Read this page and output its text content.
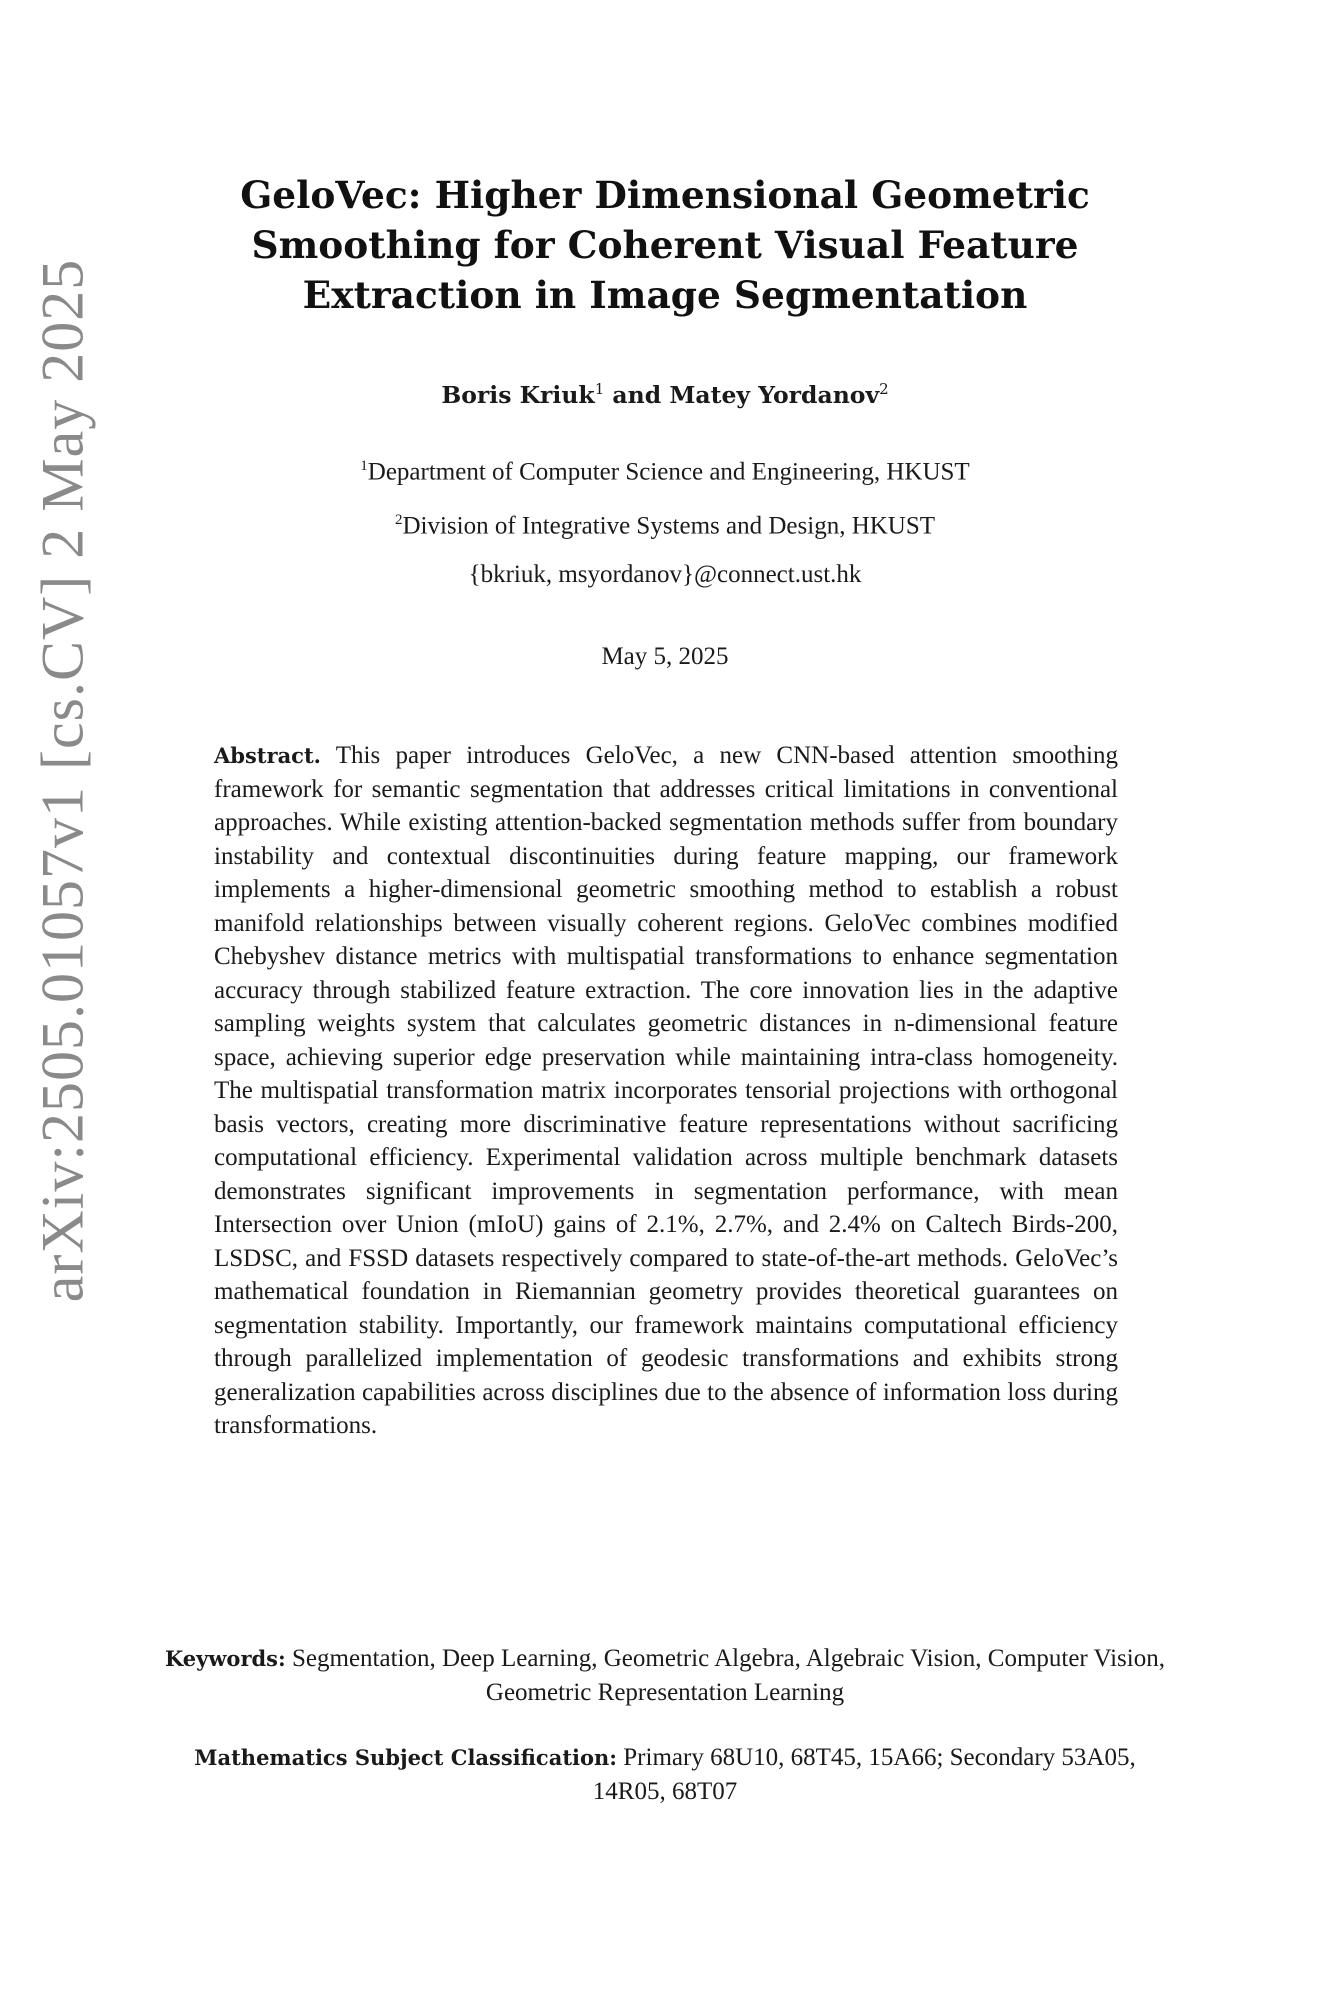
arXiv:2505.01057v1 [cs.CV] 2 May 2025
GeloVec: Higher Dimensional Geometric Smoothing for Coherent Visual Feature Extraction in Image Segmentation
Boris Kriuk$^1$ and Matey Yordanov$^2$
$^1$Department of Computer Science and Engineering, HKUST
$^2$Division of Integrative Systems and Design, HKUST
{bkriuk, msyordanov}@connect.ust.hk
May 5, 2025
Abstract. This paper introduces GeloVec, a new CNN-based attention smoothing framework for semantic segmentation that addresses critical limitations in conventional approaches. While existing attention-backed segmentation methods suffer from boundary instability and contextual discontinuities during feature mapping, our framework implements a higher-dimensional geometric smoothing method to establish a robust manifold relationships between visually coherent regions. GeloVec combines modified Chebyshev distance metrics with multispatial transformations to enhance segmentation accuracy through stabilized feature extraction. The core innovation lies in the adaptive sampling weights system that calculates geometric distances in n-dimensional feature space, achieving superior edge preservation while maintaining intra-class homogeneity. The multispatial transformation matrix incorporates tensorial projections with orthogonal basis vectors, creating more discriminative feature representations without sacrificing computational efficiency. Experimental validation across multiple benchmark datasets demonstrates significant improvements in segmentation performance, with mean Intersection over Union (mIoU) gains of 2.1%, 2.7%, and 2.4% on Caltech Birds-200, LSDSC, and FSSD datasets respectively compared to state-of-the-art methods. GeloVec’s mathematical foundation in Riemannian geometry provides theoretical guarantees on segmentation stability. Importantly, our framework maintains computational efficiency through parallelized implementation of geodesic transformations and exhibits strong generalization capabilities across disciplines due to the absence of information loss during transformations.
Keywords: Segmentation, Deep Learning, Geometric Algebra, Algebraic Vision, Computer Vision, Geometric Representation Learning
Mathematics Subject Classification: Primary 68U10, 68T45, 15A66; Secondary 53A05, 14R05, 68T07
